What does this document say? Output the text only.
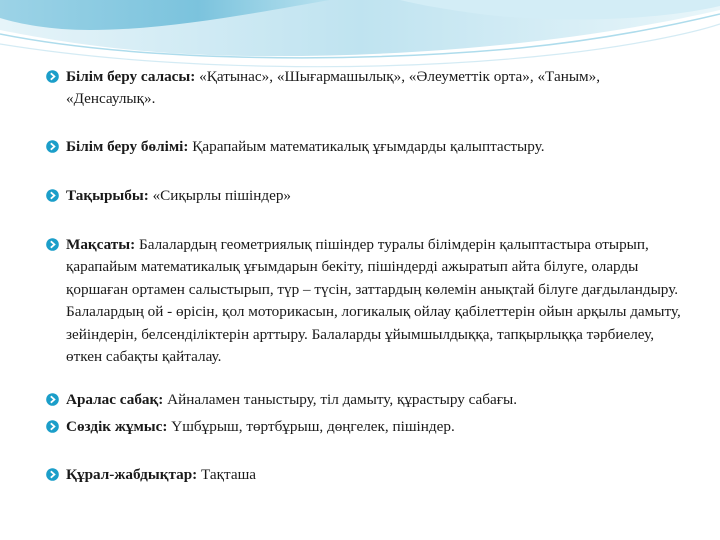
Білім беру саласы: «Қатынас», «Шығармашылық», «Әлеуметтік орта», «Таным», «Денсаулық».
Білім беру бөлімі: Қарапайым математикалық ұғымдарды қалыптастыру.
Тақырыбы: «Сиқырлы пішіндер»
Мақсаты: Балалардың геометриялық пішіндер туралы білімдерін қалыптастыра отырып, қарапайым математикалық ұғымдарын бекіту, пішіндерді ажыратып айта білуге, оларды қоршаған ортамен салыстырып, түр – түсін, заттардың көлемін анықтай білуге дағдыландыру. Балалардың ой - өрісін, қол моторикасын, логикалық ойлау қабілеттерін ойын арқылы дамыту, зейіндерін, белсенділіктерін арттыру. Балаларды ұйымшылдыққа, тапқырлыққа тәрбиелеу, өткен сабақты қайталау.
Аралас сабақ: Айналамен таныстыру, тіл дамыту, құрастыру сабағы.
Сөздік жұмыс: Үшбұрыш, төртбұрыш, дөңгелек, пішіндер.
Құрал-жабдықтар: Тақташа
